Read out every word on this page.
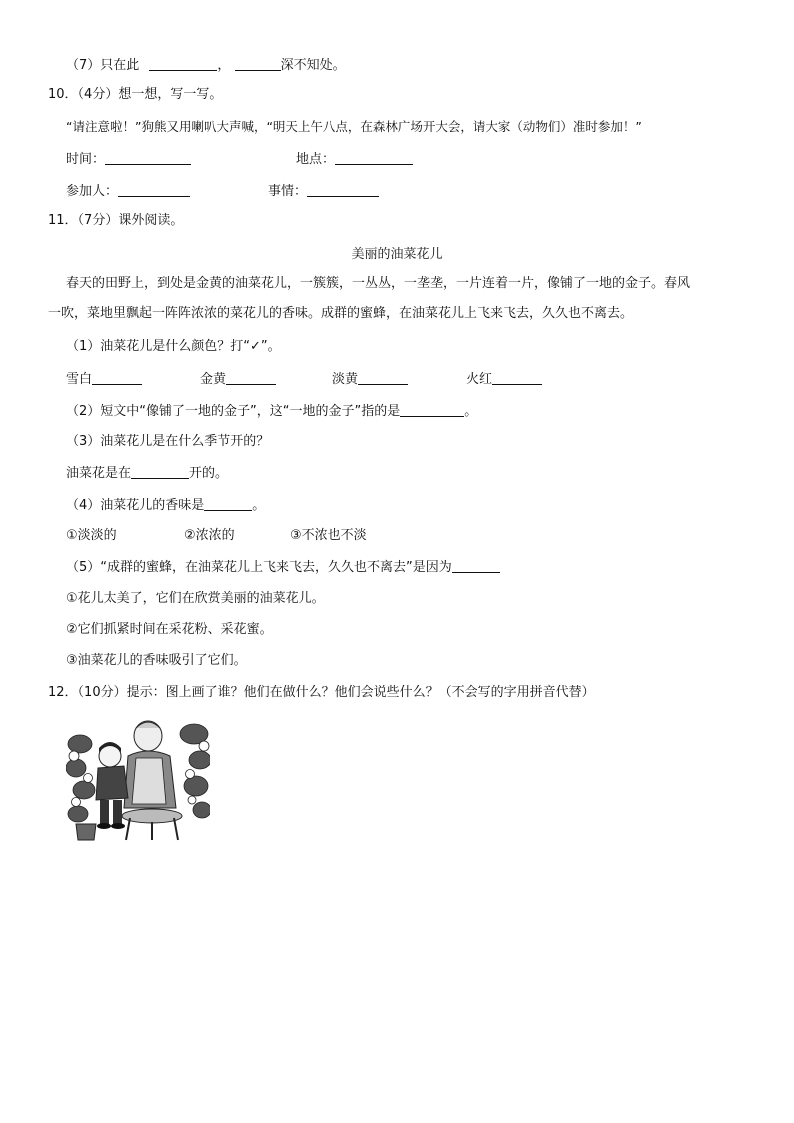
（7）只在此	，	深不知处。
10．（4分）想一想，写一写。
“请注意啦！”狗熊又用喇叭大声喊，“明天上午八点，在森林广场开大会，请大家（动物们）准时参加！”
时间：	地点：
参加人：	事情：
11．（7分）课外阅读。
美丽的油菜花儿
春天的田野上，到处是金黄的油菜花儿，一簇簇，一丛丛，一垄垄，一片连着一片，像铺了一地的金子。春风
一吹，菜地里飘起一阵阵浓浓的菜花儿的香味。成群的蜜蜂，在油菜花儿上飞来飞去，久久也不离去。
（1）油菜花儿是什么颜色？打“✓”。
雪白	金黄	淡黄	火红
（2）短文中“像铺了一地的金子”，这“一地的金子”指的是	。
（3）油菜花儿是在什么季节开的？
油菜花是在	开的。
（4）油菜花儿的香味是	。
①淡淡的	②浓浓的	③不浓也不淡
（5）“成群的蜜蜂，在油菜花儿上飞来飞去，久久也不离去”是因为
①花儿太美了，它们在欣赏美丽的油菜花儿。
②它们抓紧时间在采花粉、采花蜜。
③油菜花儿的香味吸引了它们。
12．（10分）提示：图上画了谁？他们在做什么？他们会说些什么？（不会写的字用拼音代替）
